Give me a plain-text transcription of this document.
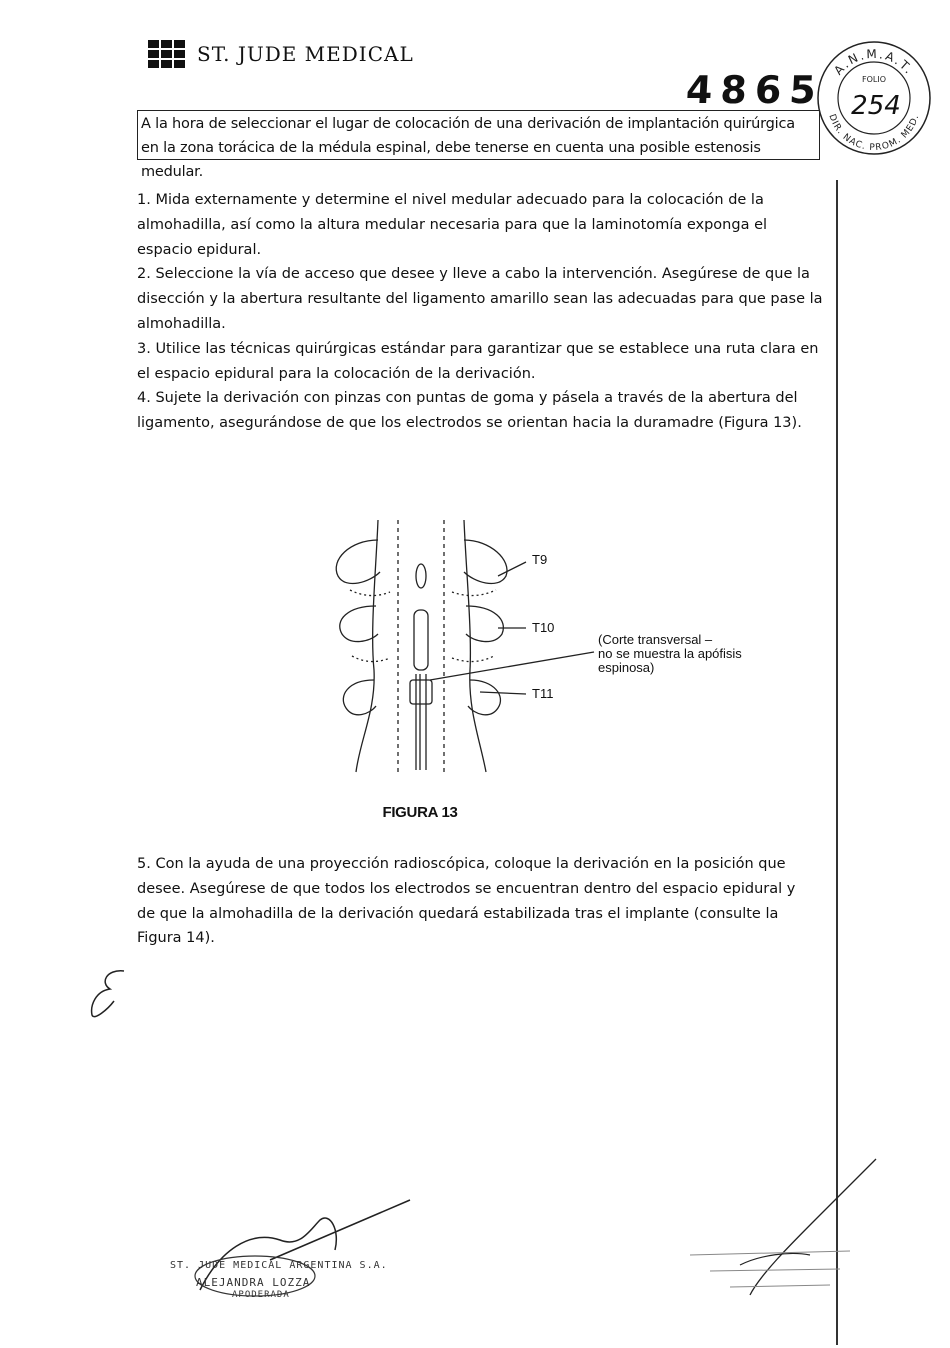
ST. JUDE MEDICAL
4865 A.N.M.A.T.
DIR. NAC. PROM. MED.
FOLIO
254
A la hora de seleccionar el lugar de colocación de una derivación de implantación quirúrgica en la zona torácica de la médula espinal, debe tenerse en cuenta una posible estenosis medular.

1. Mida externamente y determine el nivel medular adecuado para la colocación de la almohadilla, así como la altura medular necesaria para que la laminotomía exponga el espacio epidural.

2. Seleccione la vía de acceso que desee y lleve a cabo la intervención. Asegúrese de que la disección y la abertura resultante del ligamento amarillo sean las adecuadas para que pase la almohadilla.

3. Utilice las técnicas quirúrgicas estándar para garantizar que se establece una ruta clara en el espacio epidural para la colocación de la derivación.

4. Sujete la derivación con pinzas con puntas de goma y pásela a través de la abertura del ligamento, asegurándose de que los electrodos se orientan hacia la duramadre (Figura 13).

T9
T10
T11
(Corte transversal –
no se muestra la apófisis
espinosa)
FIGURA 13

5. Con la ayuda de una proyección radioscópica, coloque la derivación en la posición que desee. Asegúrese de que todos los electrodos se encuentran dentro del espacio epidural y de que la almohadilla de la derivación quedará estabilizada tras el implante (consulte la Figura 14).

ST. JUDE MEDICAL ARGENTINA S.A.
ALEJANDRA LOZZA
APODERADA
